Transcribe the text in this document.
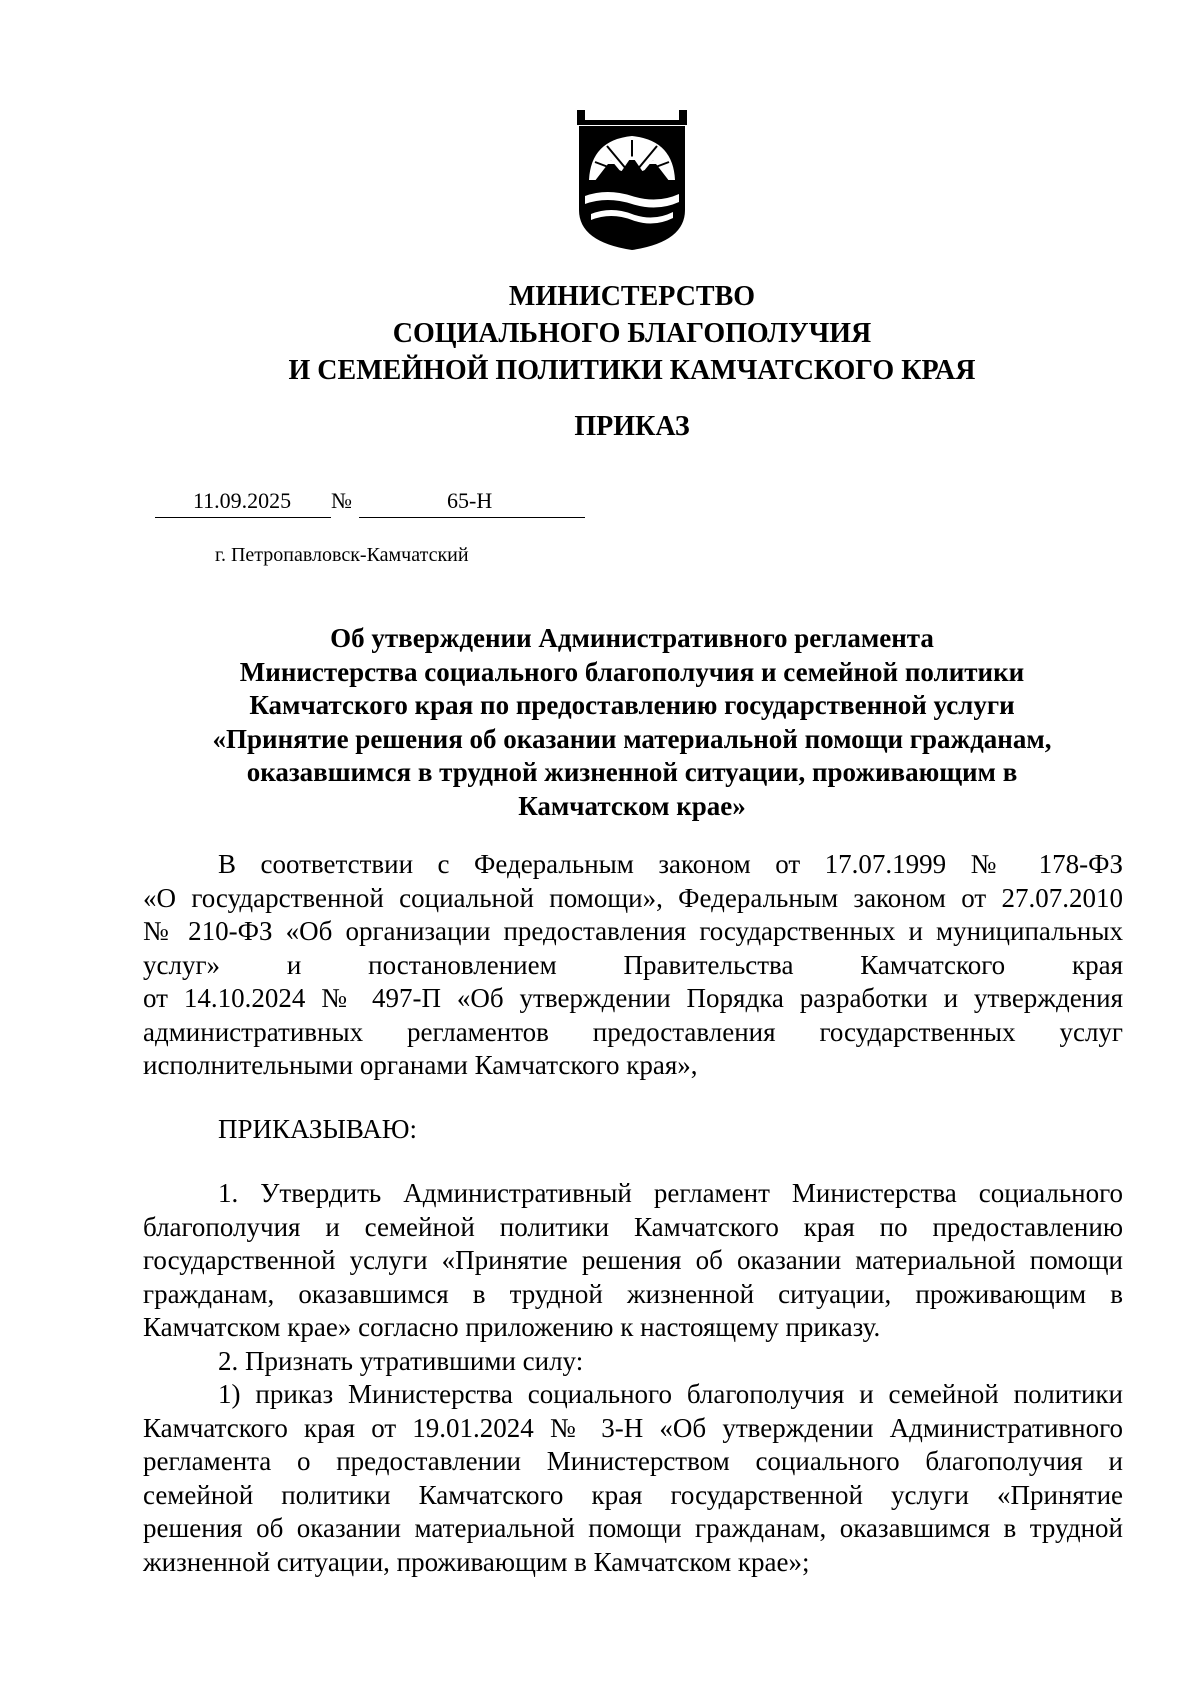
МИНИСТЕРСТВО
СОЦИАЛЬНОГО БЛАГОПОЛУЧИЯ
И СЕМЕЙНОЙ ПОЛИТИКИ КАМЧАТСКОГО КРАЯ
ПРИКАЗ
11.09.2025 №	65-Н
г. Петропавловск-Камчатский
Об утверждении Административного регламента
Министерства социального благополучия и семейной политики
Камчатского края по предоставлению государственной услуги
«Принятие решения об оказании материальной помощи гражданам,
оказавшимся в трудной жизненной ситуации, проживающим в
Камчатском крае»
В соответствии с Федеральным законом от 17.07.1999 № 178-ФЗ
«О государственной социальной помощи», Федеральным законом от 27.07.2010
№ 210-ФЗ «Об организации предоставления государственных и муниципальных
услуг» и постановлением Правительства Камчатского края
от 14.10.2024 № 497-П «Об утверждении Порядка разработки и утверждения
административных регламентов предоставления государственных услуг
исполнительными органами Камчатского края»,
ПРИКАЗЫВАЮ:
1. Утвердить Административный регламент Министерства социального
благополучия и семейной политики Камчатского края по предоставлению
государственной услуги «Принятие решения об оказании материальной помощи
гражданам, оказавшимся в трудной жизненной ситуации, проживающим в
Камчатском крае» согласно приложению к настоящему приказу.
2. Признать утратившими силу:
1) приказ Министерства социального благополучия и семейной политики
Камчатского края от 19.01.2024 № 3-Н «Об утверждении Административного
регламента о предоставлении Министерством социального благополучия и
семейной политики Камчатского края государственной услуги «Принятие
решения об оказании материальной помощи гражданам, оказавшимся в трудной
жизненной ситуации, проживающим в Камчатском крае»;
